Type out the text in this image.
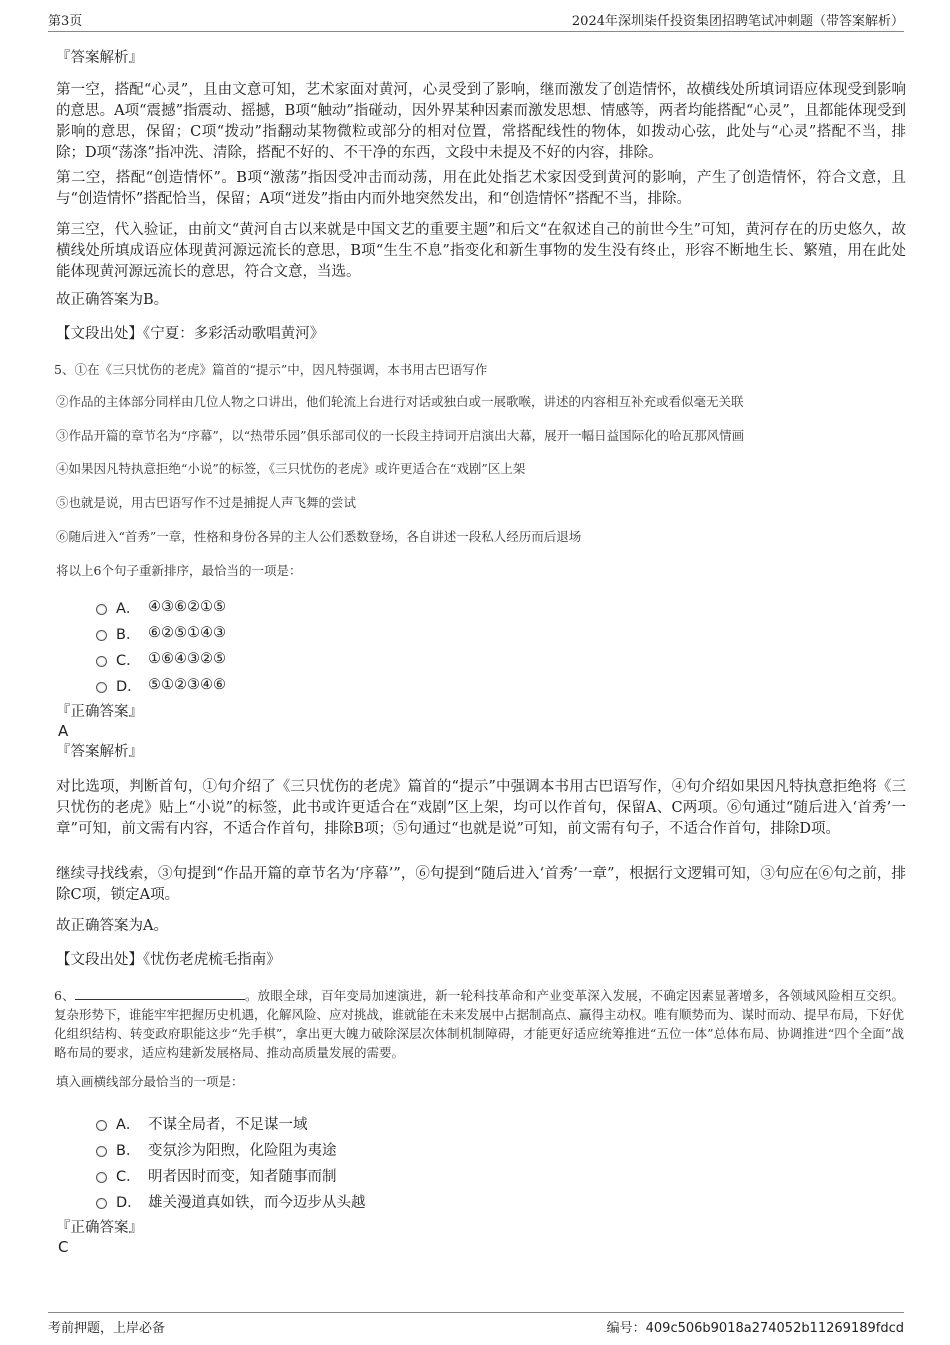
第3页	2024年深圳柒仟投资集团招聘笔试冲刺题（带答案解析）
『答案解析』
第一空，搭配“心灵”，且由文意可知，艺术家面对黄河，心灵受到了影响，继而激发了创造情怀，故横线处所填词语应体现受到影响的意思。A项“震撼”指震动、摇撼，B项“触动”指碰动，因外界某种因素而激发思想、情感等，两者均能搭配“心灵”，且都能体现受到影响的意思，保留；C项“拨动”指翻动某物微粒或部分的相对位置，常搭配线性的物体，如拨动心弦，此处与“心灵”搭配不当，排除；D项“荡涤”指冲洗、清除，搭配不好的、不干净的东西，文段中未提及不好的内容，排除。
第二空，搭配“创造情怀”。B项“激荡”指因受冲击而动荡，用在此处指艺术家因受到黄河的影响，产生了创造情怀，符合文意，且与“创造情怀”搭配恰当，保留；A项“迸发”指由内而外地突然发出，和“创造情怀”搭配不当，排除。
第三空，代入验证，由前文“黄河自古以来就是中国文艺的重要主题”和后文“在叙述自己的前世今生”可知，黄河存在的历史悠久，故横线处所填成语应体现黄河源远流长的意思，B项“生生不息”指变化和新生事物的发生没有终止，形容不断地生长、繁殖，用在此处能体现黄河源远流长的意思，符合文意，当选。
故正确答案为B。
【文段出处】《宁夏：多彩活动歌唱黄河》
5、①在《三只忧伤的老虎》篇首的“提示”中，因凡特强调，本书用古巴语写作
②作品的主体部分同样由几位人物之口讲出，他们轮流上台进行对话或独白或一展歌喉，讲述的内容相互补充或看似毫无关联
③作品开篇的章节名为“序幕”，以“热带乐园”俱乐部司仪的一长段主持词开启演出大幕，展开一幅日益国际化的哈瓦那风情画
④如果因凡特执意拒绝“小说”的标签，《三只忧伤的老虎》或许更适合在“戏剧”区上架
⑤也就是说，用古巴语写作不过是捕捉人声飞舞的尝试
⑥随后进入“首秀”一章，性格和身份各异的主人公们悉数登场，各自讲述一段私人经历而后退场
将以上6个句子重新排序，最恰当的一项是：
A． ④③⑥②①⑤
B． ⑥②⑤①④③
C． ①⑥④③②⑤
D． ⑤①②③④⑥
『正确答案』
A
『答案解析』
对比选项，判断首句，①句介绍了《三只忧伤的老虎》篇首的“提示”中强调本书用古巴语写作，④句介绍如果因凡特执意拒绝将《三只忧伤的老虎》贴上“小说”的标签，此书或许更适合在“戏剧”区上架，均可以作首句，保留A、C两项。⑥句通过“随后进入‘首秀’一章”可知，前文需有内容，不适合作首句，排除B项；⑤句通过“也就是说”可知，前文需有句子，不适合作首句，排除D项。
继续寻找线索，③句提到“作品开篇的章节名为‘序幕’”，⑥句提到“随后进入‘首秀’一章”，根据行文逻辑可知，③句应在⑥句之前，排除C项，锁定A项。
故正确答案为A。
【文段出处】《忧伤老虎梳毛指南》
6、	。放眼全球，百年变局加速演进，新一轮科技革命和产业变革深入发展，不确定因素显著增多，各领域风险相互交织。复杂形势下，谁能牢牢把握历史机遇，化解风险、应对挑战，谁就能在未来发展中占据制高点、赢得主动权。唯有顺势而为、谋时而动、提早布局，下好优化组织结构、转变政府职能这步“先手棋”，拿出更大魄力破除深层次体制机制障碍，才能更好适应统筹推进“五位一体”总体布局、协调推进“四个全面”战略布局的要求，适应构建新发展格局、推动高质量发展的需要。
填入画横线部分最恰当的一项是：
A． 不谋全局者，不足谋一域
B． 变氛沴为阳煦，化险阻为夷途
C． 明者因时而变，知者随事而制
D． 雄关漫道真如铁，而今迈步从头越
『正确答案』
C
考前押题，上岸必备	编号：409c506b9018a274052b11269189fdcd
